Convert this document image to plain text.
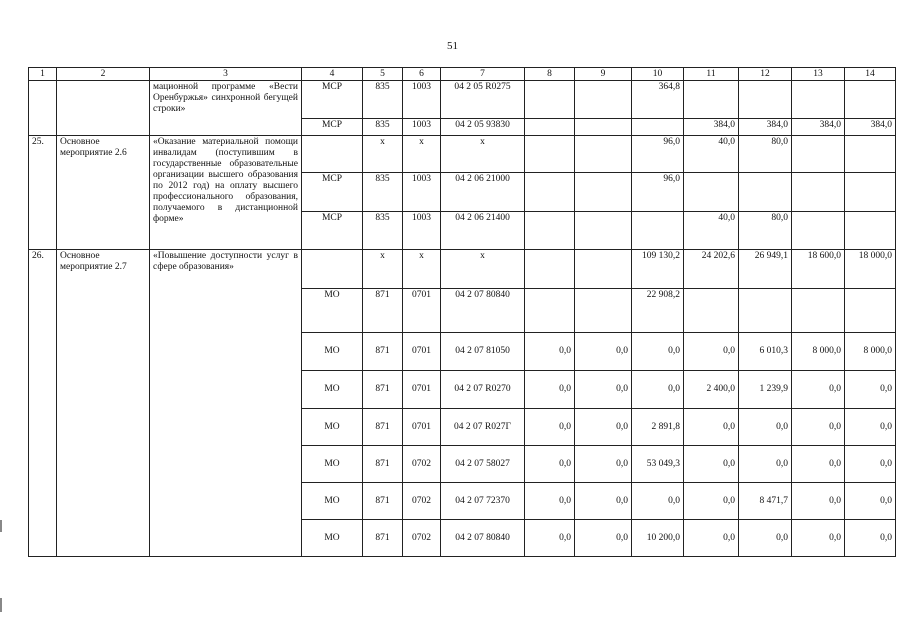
51
1	2	3	4	5	6	7	8	9	10	11	12	13	14
		мационной программе «Вести Оренбуржья» синхронной бегущей строки»	МСР	835	1003	04 2 05 R0275			364,8				
			МСР	835	1003	04 2 05 93830				384,0	384,0	384,0	384,0
25.	Основное мероприятие 2.6	«Оказание материальной помощи инвалидам (поступившим в государственные образовательные организации высшего образования по 2012 год) на оплату высшего профессионального образования, получаемого в дистанционной форме»		х	х	х			96,0	40,0	80,0		
			МСР	835	1003	04 2 06 21000			96,0				
			МСР	835	1003	04 2 06 21400				40,0	80,0		
26.	Основное мероприятие 2.7	«Повышение доступности услуг в сфере образования»		х	х	х			109 130,2	24 202,6	26 949,1	18 600,0	18 000,0
			МО	871	0701	04 2 07 80840			22 908,2				
			МО	871	0701	04 2 07 81050	0,0	0,0	0,0	0,0	6 010,3	8 000,0	8 000,0
			МО	871	0701	04 2 07 R0270	0,0	0,0	0,0	2 400,0	1 239,9	0,0	0,0
			МО	871	0701	04 2 07 R027Г	0,0	0,0	2 891,8	0,0	0,0	0,0	0,0
			МО	871	0702	04 2 07 58027	0,0	0,0	53 049,3	0,0	0,0	0,0	0,0
			МО	871	0702	04 2 07 72370	0,0	0,0	0,0	0,0	8 471,7	0,0	0,0
			МО	871	0702	04 2 07 80840	0,0	0,0	10 200,0	0,0	0,0	0,0	0,0
